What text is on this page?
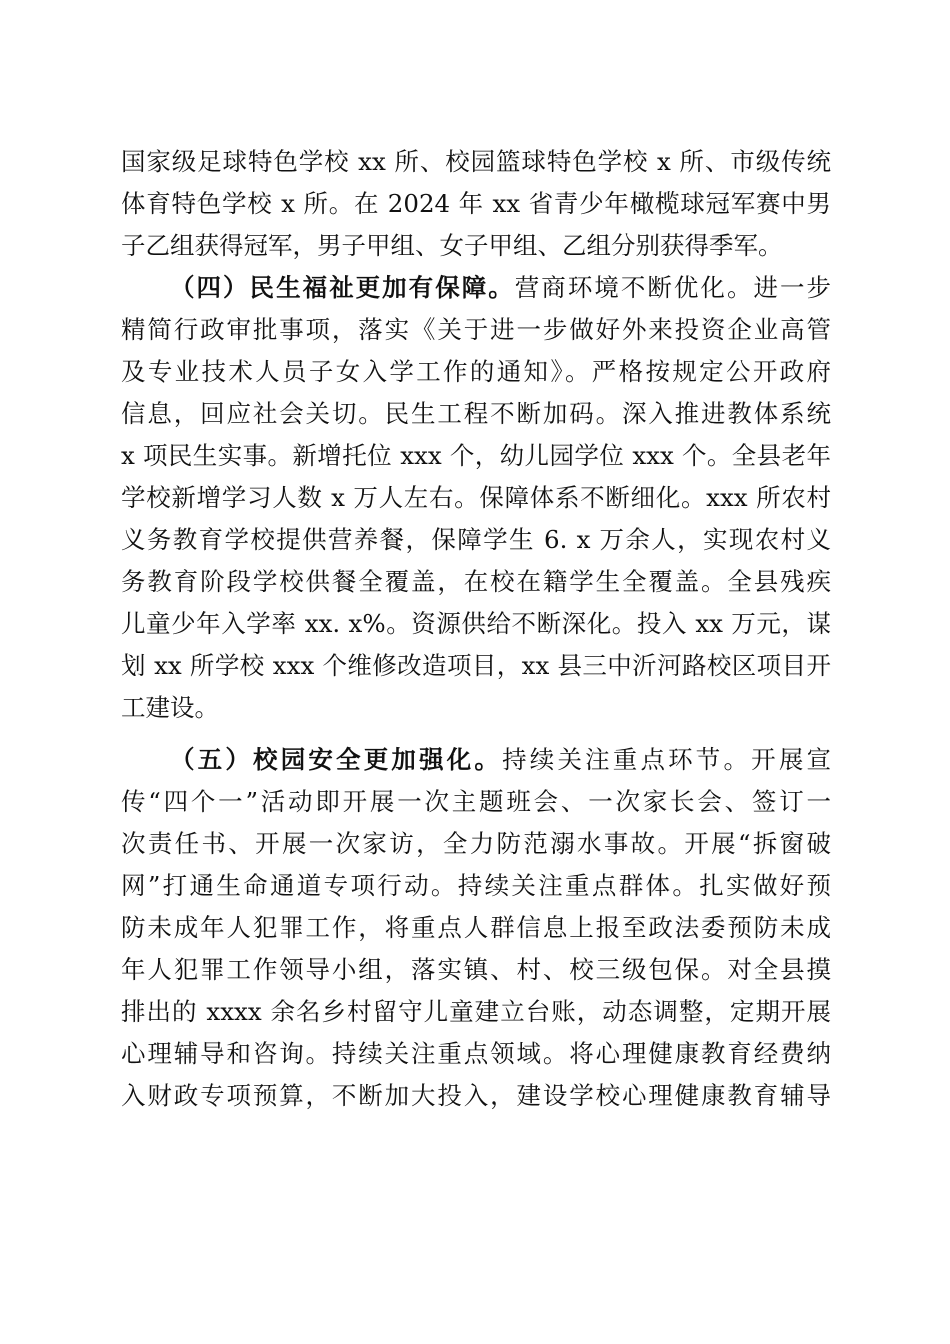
国家级足球特色学校 xx 所、校园篮球特色学校 x 所、市级传统
体育特色学校 x 所。在 2024 年 xx 省青少年橄榄球冠军赛中男
子乙组获得冠军，男子甲组、女子甲组、乙组分别获得季军。
（四）民生福祉更加有保障。营商环境不断优化。进一步
精简行政审批事项，落实《关于进一步做好外来投资企业高管
及专业技术人员子女入学工作的通知》。严格按规定公开政府
信息，回应社会关切。民生工程不断加码。深入推进教体系统
x 项民生实事。新增托位 xxx 个，幼儿园学位 xxx 个。全县老年
学校新增学习人数 x 万人左右。保障体系不断细化。xxx 所农村
义务教育学校提供营养餐，保障学生 6. x 万余人，实现农村义
务教育阶段学校供餐全覆盖，在校在籍学生全覆盖。全县残疾
儿童少年入学率 xx. x%。资源供给不断深化。投入 xx 万元，谋
划 xx 所学校 xxx 个维修改造项目，xx 县三中沂河路校区项目开
工建设。
（五）校园安全更加强化。持续关注重点环节。开展宣
传“四个一”活动即开展一次主题班会、一次家长会、签订一
次责任书、开展一次家访，全力防范溺水事故。开展“拆窗破
网”打通生命通道专项行动。持续关注重点群体。扎实做好预
防未成年人犯罪工作，将重点人群信息上报至政法委预防未成
年人犯罪工作领导小组，落实镇、村、校三级包保。对全县摸
排出的 xxxx 余名乡村留守儿童建立台账，动态调整，定期开展
心理辅导和咨询。持续关注重点领域。将心理健康教育经费纳
入财政专项预算，不断加大投入，建设学校心理健康教育辅导
